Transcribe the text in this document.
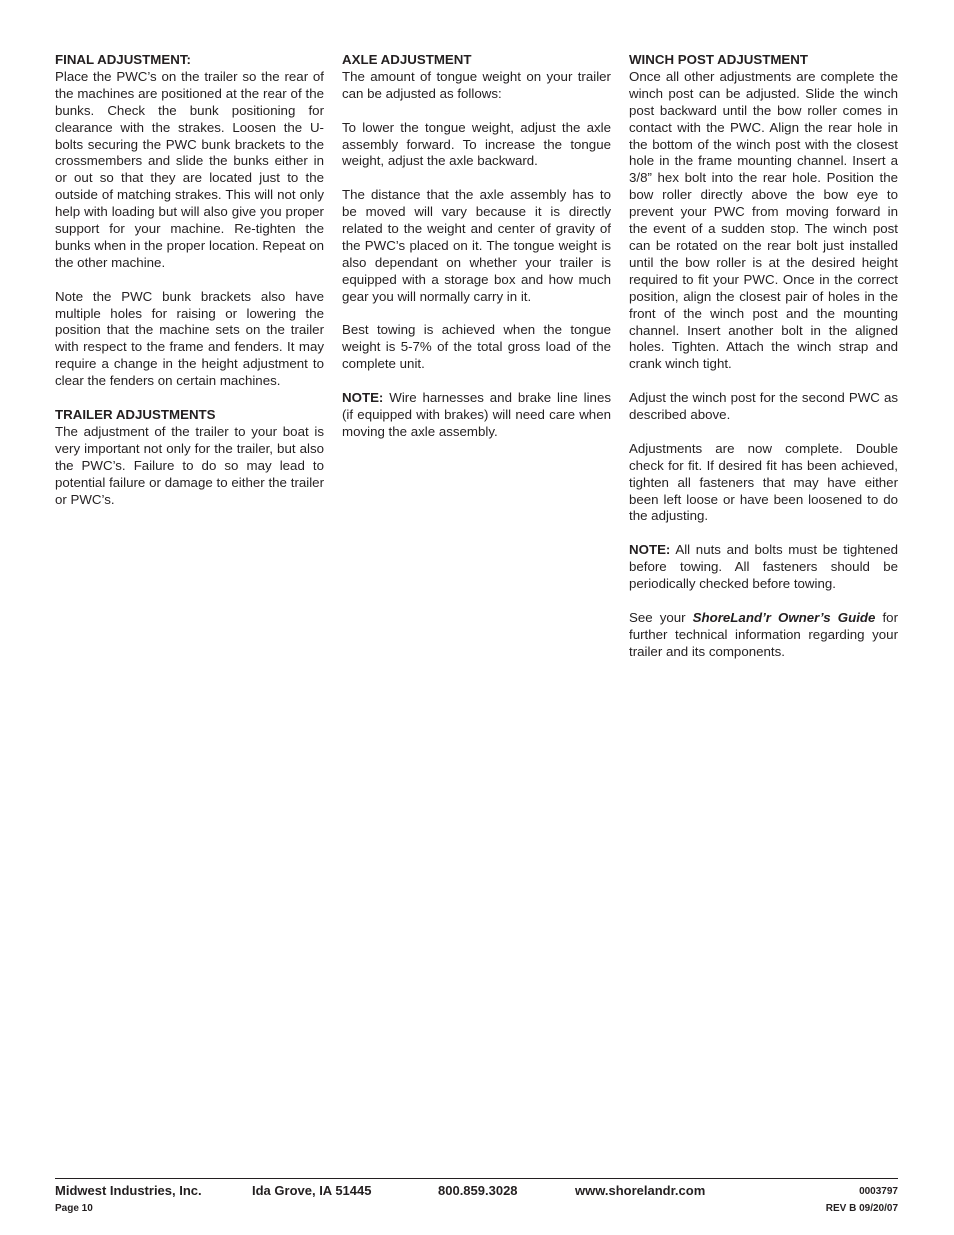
FINAL ADJUSTMENT:

Place the PWC’s on the trailer so the rear of the machines are positioned at the rear of the bunks. Check the bunk positioning for clearance with the strakes. Loosen the U-bolts securing the PWC bunk brackets to the crossmembers and slide the bunks either in or out so that they are located just to the outside of matching strakes. This will not only help with loading but will also give you proper support for your machine. Re-tighten the bunks when in the proper location. Repeat on the other machine.

Note the PWC bunk brackets also have multiple holes for raising or lowering the position that the machine sets on the trailer with respect to the frame and fenders. It may require a change in the height adjustment to clear the fenders on certain machines.

TRAILER ADJUSTMENTS

The adjustment of the trailer to your boat is very important not only for the trailer, but also the PWC’s. Failure to do so may lead to potential failure or damage to either the trailer or PWC’s.

AXLE ADJUSTMENT

The amount of tongue weight on your trailer can be adjusted as follows:

To lower the tongue weight, adjust the axle assembly forward. To increase the tongue weight, adjust the axle backward.

The distance that the axle assembly has to be moved will vary because it is directly related to the weight and center of gravity of the PWC’s placed on it. The tongue weight is also dependant on whether your trailer is equipped with a storage box and how much gear you will normally carry in it.

Best towing is achieved when the tongue weight is 5-7% of the total gross load of the complete unit.

NOTE: Wire harnesses and brake line lines (if equipped with brakes) will need care when moving the axle assembly.

WINCH POST ADJUSTMENT

Once all other adjustments are complete the winch post can be adjusted. Slide the winch post backward until the bow roller comes in contact with the PWC. Align the rear hole in the bottom of the winch post with the closest hole in the frame mounting channel. Insert a 3/8” hex bolt into the rear hole. Position the bow roller directly above the bow eye to prevent your PWC from moving forward in the event of a sudden stop. The winch post can be rotated on the rear bolt just installed until the bow roller is at the desired height required to fit your PWC. Once in the correct position, align the closest pair of holes in the front of the winch post and the mounting channel. Insert another bolt in the aligned holes. Tighten. Attach the winch strap and crank winch tight.

Adjust the winch post for the second PWC as described above.

Adjustments are now complete. Double check for fit. If desired fit has been achieved, tighten all fasteners that may have either been left loose or have been loosened to do the adjusting.

NOTE: All nuts and bolts must be tightened before towing. All fasteners should be periodically checked before towing.

See your ShoreLand’r Owner’s Guide for further technical information regarding your trailer and its components.

Midwest Industries, Inc.	Ida Grove, IA 51445	800.859.3028	www.shorelandr.com	0003797
Page 10	REV B 09/20/07
